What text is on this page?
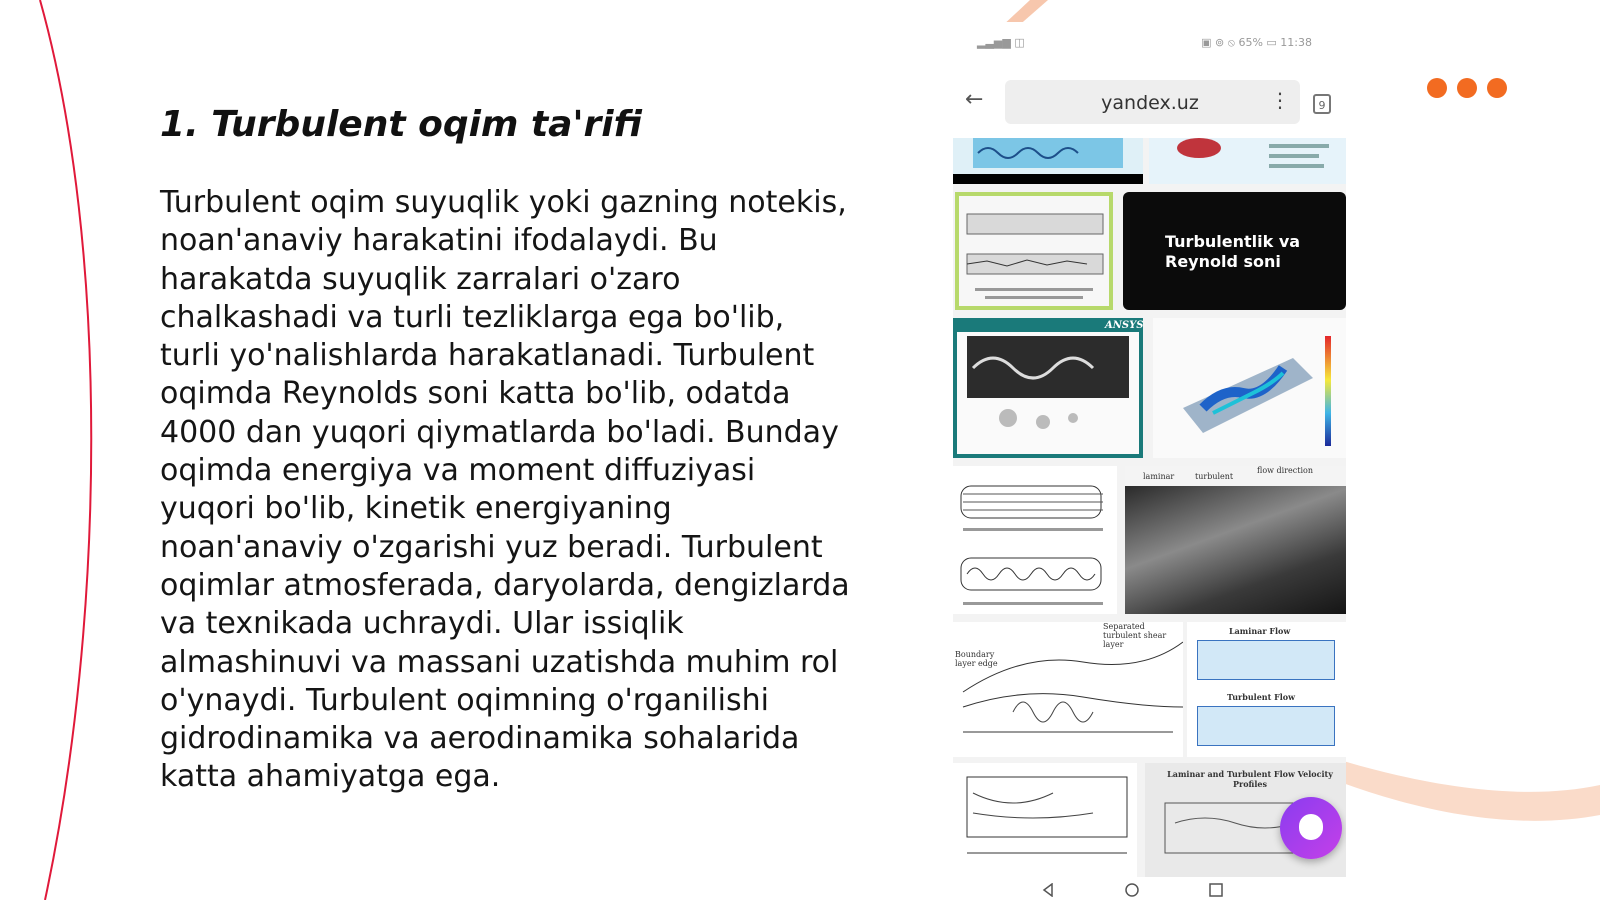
1. Turbulent oqim ta'rifi

Turbulent oqim suyuqlik yoki gazning notekis, noan'anaviy harakatini ifodalaydi. Bu harakatda suyuqlik zarralari o'zaro chalkashadi va turli tezliklarga ega bo'lib, turli yo'nalishlarda harakatlanadi. Turbulent oqimda Reynolds soni katta bo'lib, odatda 4000 dan yuqori qiymatlarda bo'ladi. Bunday oqimda energiya va moment diffuziyasi yuqori bo'lib, kinetik energiyaning noan'anaviy o'zgarishi yuz beradi. Turbulent oqimlar atmosferada, daryolarda, dengizlarda va texnikada uchraydi. Ular issiqlik almashinuvi va massani uzatishda muhim rol o'ynaydi. Turbulent oqimning o'rganilishi gidrodinamika va aerodinamika sohalarida katta ahamiyatga ega.

▂▃▅▆ ◫	▣ ⊚ ⦸ 65% ▭ 11:38
←	yandex.uz	⋮	9
Turbulentlik va Reynold soni
ANSYS
laminar	turbulent
flow direction
Boundary layer edge
Separated turbulent shear layer
Laminar Flow
Turbulent Flow
Laminar and Turbulent Flow Velocity Profiles
